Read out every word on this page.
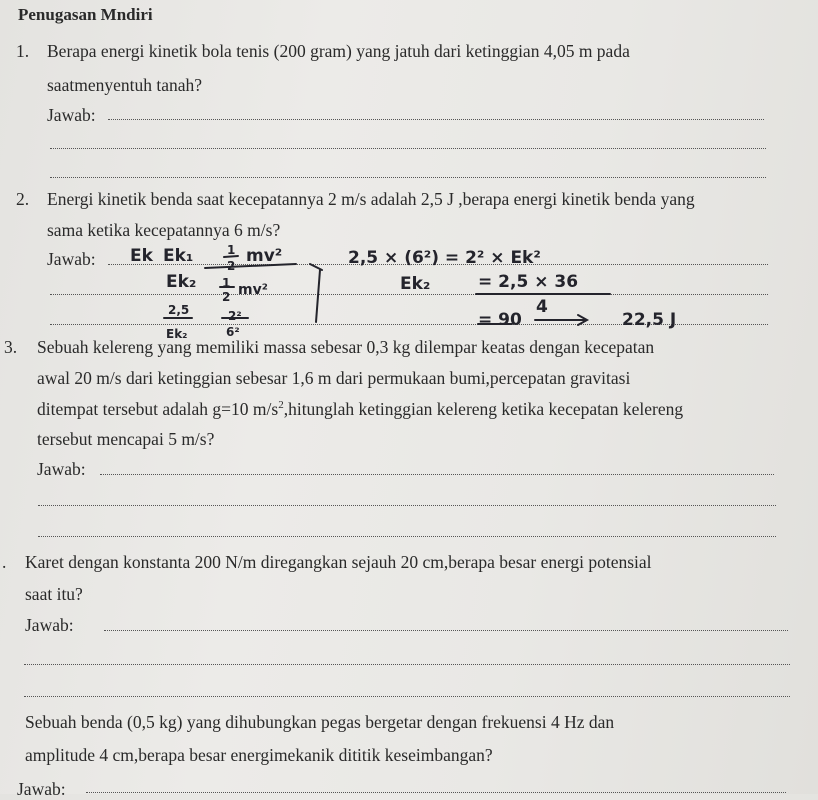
Penugasan Mndiri
1. Berapa energi kinetik bola tenis (200 gram) yang jatuh dari ketinggian 4,05 m pada
saatmenyentuh tanah?
Jawab:
2. Energi kinetik benda saat kecepatannya 2 m/s adalah 2,5 J ,berapa energi kinetik benda yang
sama ketika kecepatannya 6 m/s?
Jawab: Ek Ek₁	1
2 mv²
Ek₂ 1
2 mv²
2,5
Ek₂
2²
6²
2,5 × (6²) = 2² × Ek²
Ek₂	= 2,5 × 36
4
= 90	22,5 J
3. Sebuah kelereng yang memiliki massa sebesar 0,3 kg dilempar keatas dengan kecepatan
awal 20 m/s dari ketinggian sebesar 1,6 m dari permukaan bumi,percepatan gravitasi
ditempat tersebut adalah g=10 $m/s^2,hitunglah$ ketinggian kelereng ketika kecepatan kelereng
tersebut mencapai 5 m/s?
Jawab:
. Karet dengan konstanta 200 N/m diregangkan sejauh 20 cm,berapa besar energi potensial
saat itu?
Jawab:
Sebuah benda (0,5 kg) yang dihubungkan pegas bergetar dengan frekuensi 4 Hz dan
amplitude 4 cm,berapa besar energimekanik dititik keseimbangan?
Jawab:
